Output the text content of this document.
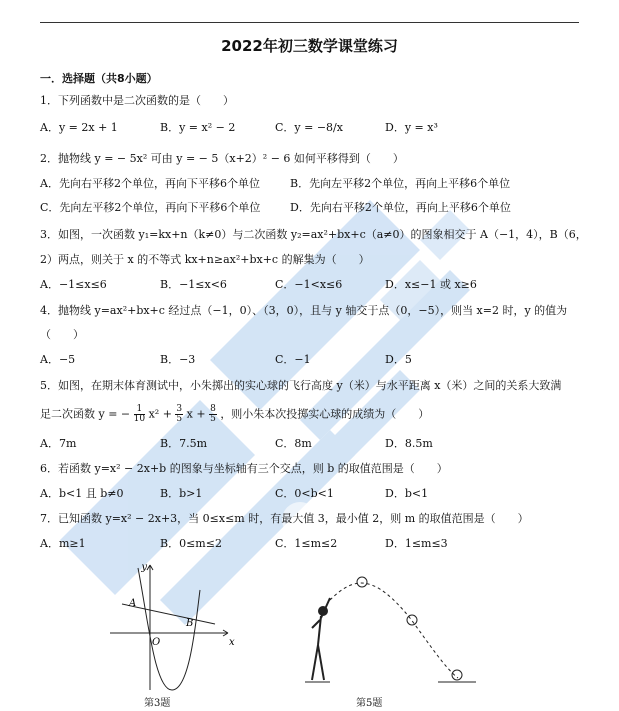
2022年初三数学课堂练习
一．选择题（共8小题）
1．下列函数中是二次函数的是（　　）
A．y = 2x + 1	B．y = x² − 2	C．y = −8/x	D．y = x³
2．抛物线 y = − 5x² 可由 y = − 5（x+2）² − 6 如何平移得到（　　）
A．先向右平移2个单位，再向下平移6个单位	B．先向左平移2个单位，再向上平移6个单位
C．先向左平移2个单位，再向下平移6个单位	D．先向右平移2个单位，再向上平移6个单位
3．如图，一次函数 y₁=kx+n（k≠0）与二次函数 y₂=ax²+bx+c（a≠0）的图象相交于 A（−1，4），B（6，
2）两点，则关于 x 的不等式 kx+n≥ax²+bx+c 的解集为（　　）
A．−1≤x≤6	B．−1≤x<6	C．−1<x≤6	D．x≤−1 或 x≥6
4．抛物线 y=ax²+bx+c 经过点（−1，0）、（3，0），且与 y 轴交于点（0，−5），则当 x=2 时，y 的值为
（　　）
A．−5	B．−3	C．−1	D．5
5．如图，在期末体育测试中，小朱掷出的实心球的飞行高度 y（米）与水平距离 x（米）之间的关系大致满
足二次函数 y = − $\frac{1}{10} x^2 + \frac{3}{5}$ $x + \frac{8}{5}$ ，则小朱本次投掷实心球的成绩为（　　）
A．7m	B．7.5m	C．8m	D．8.5m
6．若函数 y=x² − 2x+b 的图象与坐标轴有三个交点，则 b 的取值范围是（　　）
A．b<1 且 b≠0	B．b>1	C．0<b<1	D．b<1
7．已知函数 y=x² − 2x+3，当 0≤x≤m 时，有最大值 3，最小值 2，则 m 的取值范围是（　　）
A．m≥1	B．0≤m≤2	C．1≤m≤2	D．1≤m≤3
y
x
O
A
B
第3题	第5题
